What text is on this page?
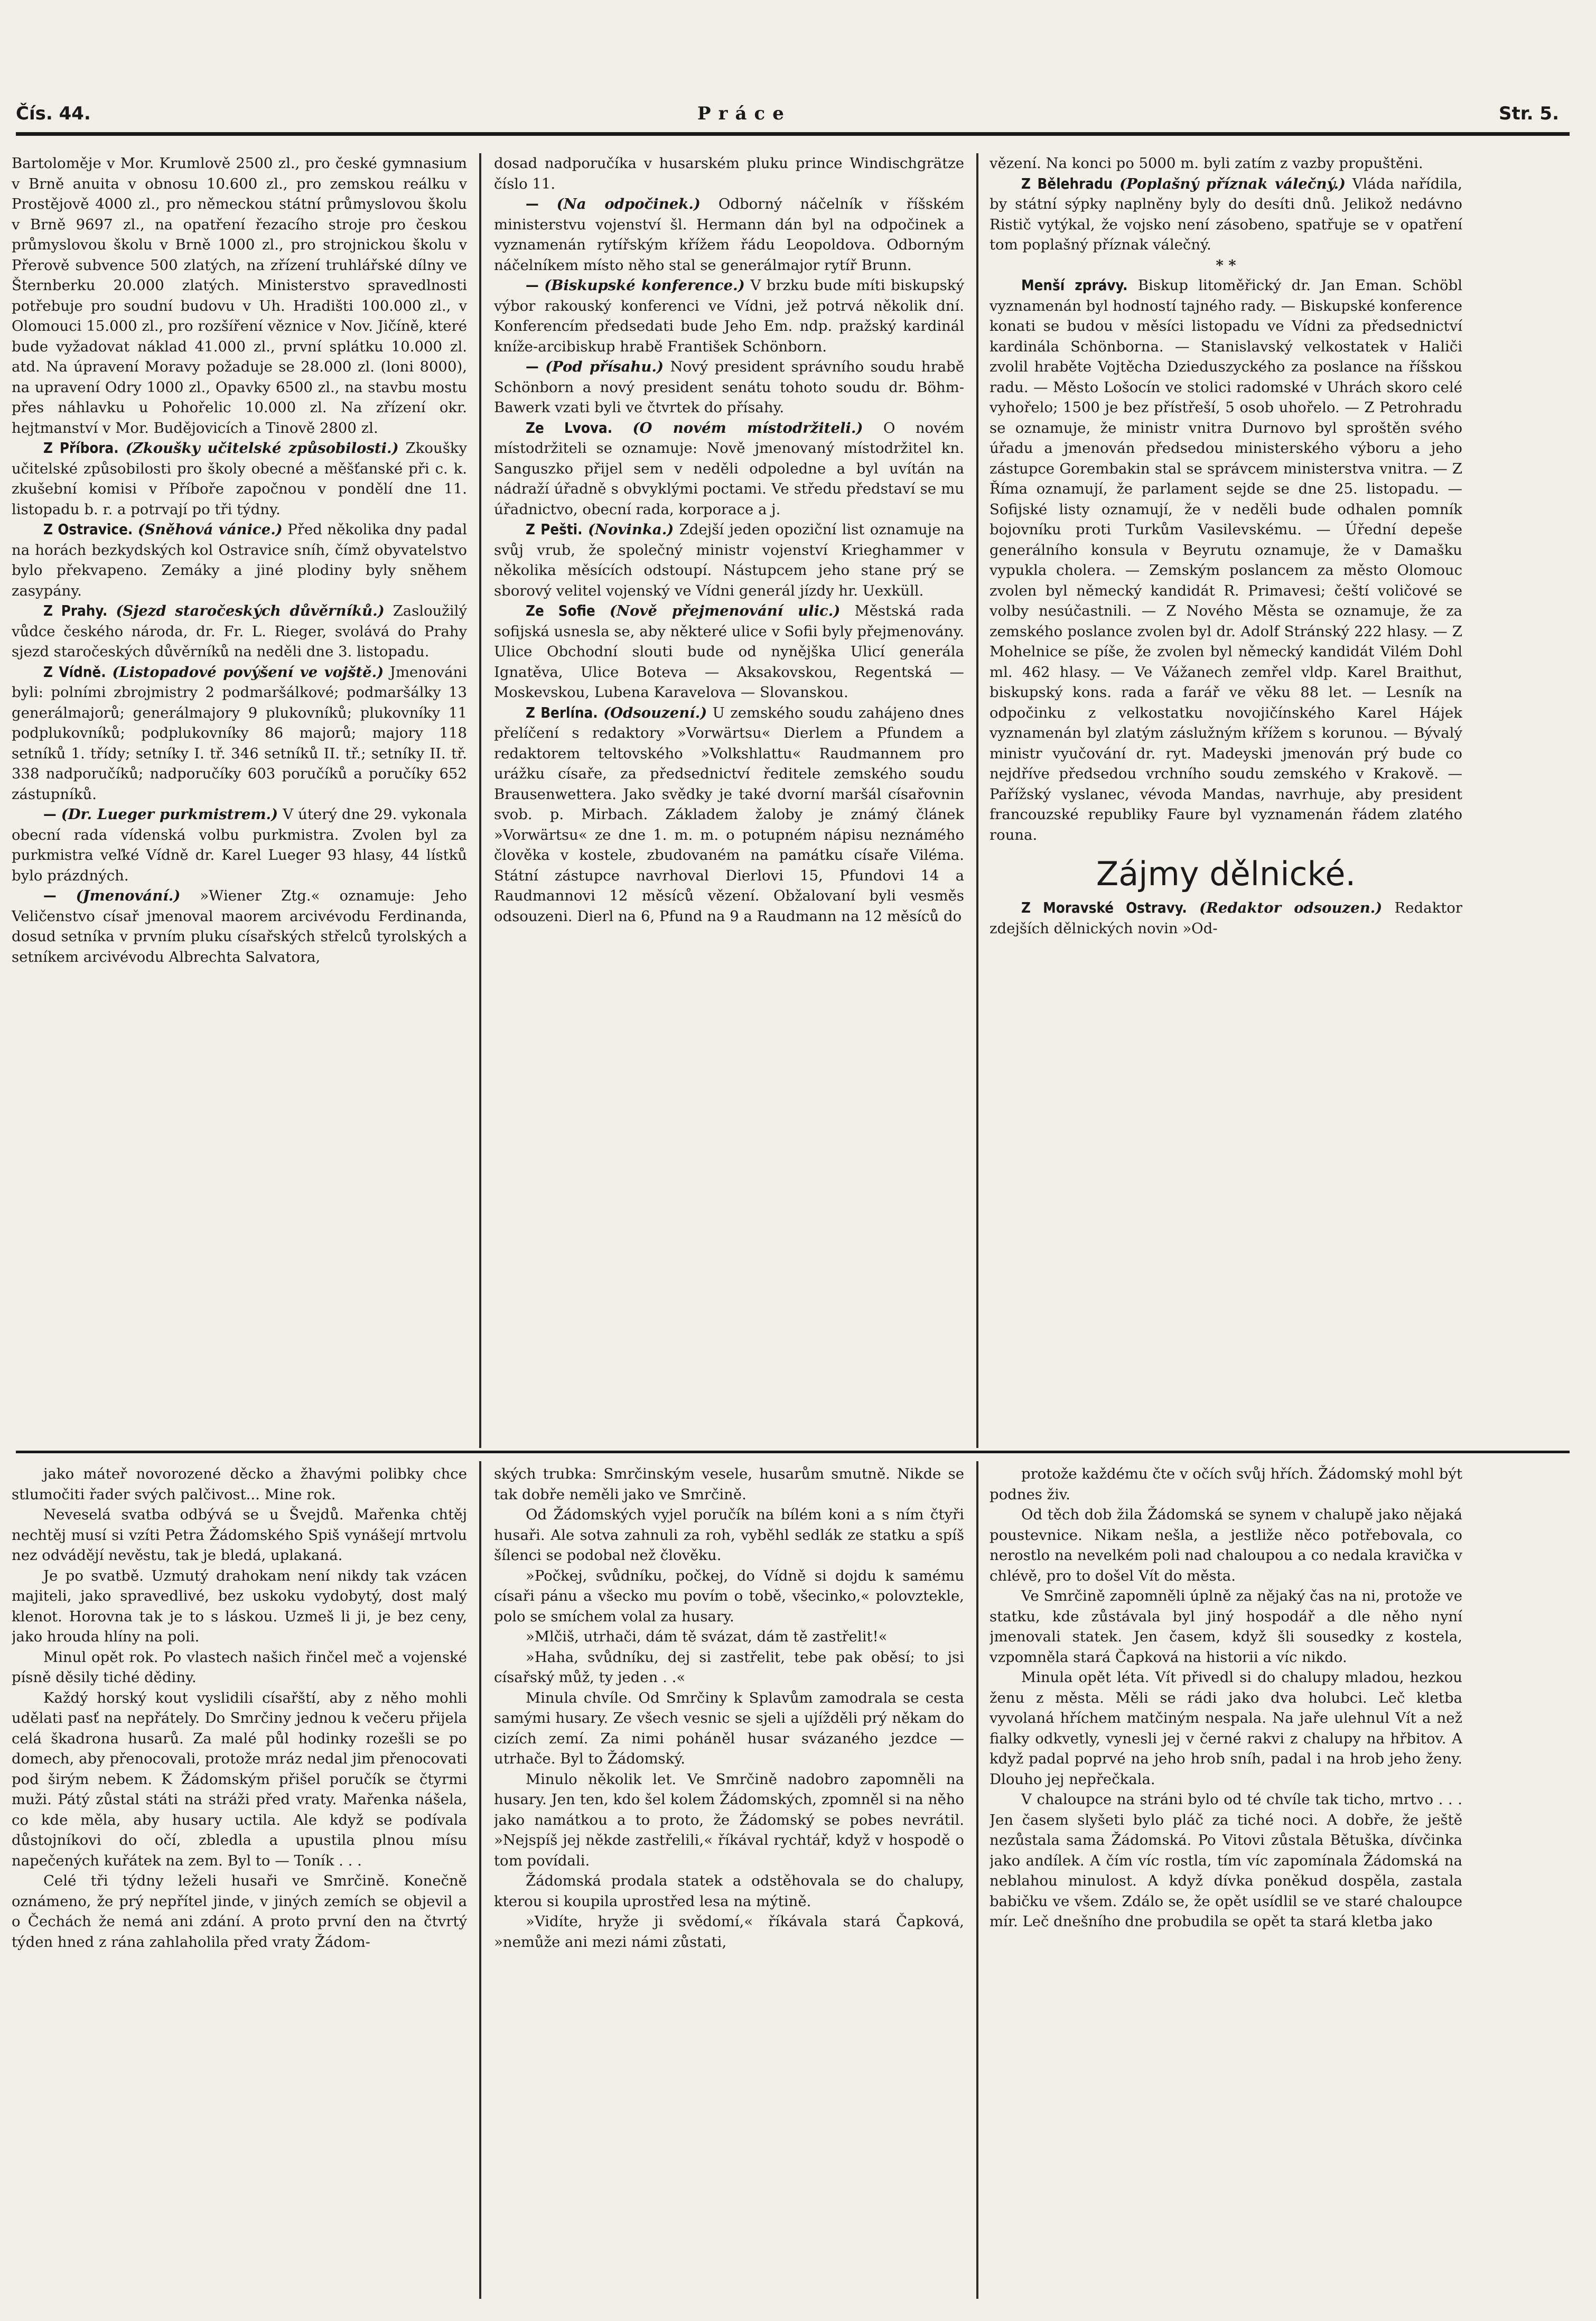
Čís. 44.	Práce	Str. 5.

Bartoloměje v Mor. Krumlově 2500 zl., pro české gymnasium v Brně anuita v obnosu 10.600 zl., pro zemskou reálku v Prostějově 4000 zl., pro německou státní průmyslovou školu v Brně 9697 zl., na opatření řezacího stroje pro českou průmyslovou školu v Brně 1000 zl., pro strojnickou školu v Přerově subvence 500 zlatých, na zřízení truhlářské dílny ve Šternberku 20.000 zlatých. Ministerstvo spravedlnosti potřebuje pro soudní budovu v Uh. Hradišti 100.000 zl., v Olomouci 15.000 zl., pro rozšíření věznice v Nov. Jičíně, které bude vyžadovat náklad 41.000 zl., první splátku 10.000 zl. atd. Na úpravení Moravy požaduje se 28.000 zl. (loni 8000), na upravení Odry 1000 zl., Opavky 6500 zl., na stavbu mostu přes náhlavku u Pohořelic 10.000 zl. Na zřízení okr. hejtmanství v Mor. Budějovicích a Tinově 2800 zl.

Z Příbora. (Zkoušky učitelské způsobilosti.) Zkoušky učitelské způsobilosti pro školy obecné a měšťanské při c. k. zkušební komisi v Příboře započnou v pondělí dne 11. listopadu b. r. a potrvají po tři týdny.

Z Ostravice. (Sněhová vánice.) Před několika dny padal na horách bezkydských kol Ostravice sníh, čímž obyvatelstvo bylo překvapeno. Zemáky a jiné plodiny byly sněhem zasypány.

Z Prahy. (Sjezd staročeských důvěrníků.) Zasloužilý vůdce českého národa, dr. Fr. L. Rieger, svolává do Prahy sjezd staročeských důvěrníků na neděli dne 3. listopadu.

Z Vídně. (Listopadové povýšení ve vojště.) Jmenováni byli: polními zbrojmistry 2 podmaršálkové; podmaršálky 13 generálmajorů; generálmajory 9 plukovníků; plukovníky 11 podplukovníků; podplukovníky 86 majorů; majory 118 setníků 1. třídy; setníky I. tř. 346 setníků II. tř.; setníky II. tř. 338 nadporučíků; nadporučíky 603 poručíků a poručíky 652 zástupníků.

— (Dr. Lueger purkmistrem.) V úterý dne 29. vykonala obecní rada vídenská volbu purkmistra. Zvolen byl za purkmistra veľké Vídně dr. Karel Lueger 93 hlasy, 44 lístků bylo prázdných.

— (Jmenování.) »Wiener Ztg.« oznamuje: Jeho Veličenstvo císař jmenoval maorem arcivévodu Ferdinanda, dosud setníka v prvním pluku císařských střelců tyrolských a setníkem arcivévodu Albrechta Salvatora,

dosad nadporučíka v husarském pluku prince Windischgrätze číslo 11.

— (Na odpočinek.) Odborný náčelník v říšském ministerstvu vojenství šl. Hermann dán byl na odpočinek a vyznamenán rytířským křížem řádu Leopoldova. Odborným náčelníkem místo něho stal se generálmajor rytíř Brunn.

— (Biskupské konference.) V brzku bude míti biskupský výbor rakouský konferenci ve Vídni, jež potrvá několik dní. Konferencím předsedati bude Jeho Em. ndp. pražský kardinál kníže-arcibiskup hrabě František Schönborn.

— (Pod přísahu.) Nový president správního soudu hrabě Schönborn a nový president senátu tohoto soudu dr. Böhm-Bawerk vzati byli ve čtvrtek do přísahy.

Ze Lvova. (O novém místodržiteli.) O novém místodržiteli se oznamuje: Nově jmenovaný místodržitel kn. Sanguszko přijel sem v neděli odpoledne a byl uvítán na nádraží úřadně s obvyklými poctami. Ve středu představí se mu úřadnictvo, obecní rada, korporace a j.

Z Pešti. (Novinka.) Zdejší jeden opoziční list oznamuje na svůj vrub, že společný ministr vojenství Krieghammer v několika měsících odstoupí. Nástupcem jeho stane prý se sborový velitel vojenský ve Vídni generál jízdy hr. Uexküll.

Ze Sofie (Nově přejmenování ulic.) Městská rada sofijská usnesla se, aby některé ulice v Sofii byly přejmenovány. Ulice Obchodní slouti bude od nynějška Ulicí generála Ignatěva, Ulice Boteva — Aksakovskou, Regentská — Moskevskou, Lubena Karavelova — Slovanskou.

Z Berlína. (Odsouzení.) U zemského soudu zahájeno dnes přelíčení s redaktory »Vorwärtsu« Dierlem a Pfundem a redaktorem teltovského »Volkshlattu« Raudmannem pro urážku císaře, za předsednictví ředitele zemského soudu Brausenwettera. Jako svědky je také dvorní maršál císařovnin svob. p. Mirbach. Základem žaloby je známý článek »Vorwärtsu« ze dne 1. m. m. o potupném nápisu neznámého člověka v kostele, zbudovaném na památku císaře Viléma. Státní zástupce navrhoval Dierlovi 15, Pfundovi 14 a Raudmannovi 12 měsíců vězení. Obžalovaní byli vesměs odsouzeni. Dierl na 6, Pfund na 9 a Raudmann na 12 měsíců do

vězení. Na konci po 5000 m. byli zatím z vazby propuštěni.

Z Bělehradu (Poplašný příznak válečný.) Vláda nařídila, by státní sýpky naplněny byly do desíti dnů. Jelikož nedávno Ristič vytýkal, že vojsko není zásobeno, spatřuje se v opatření tom poplašný příznak válečný.

* *

Menší zprávy. Biskup litoměřický dr. Jan Eman. Schöbl vyznamenán byl hodností tajného rady. — Biskupské konference konati se budou v měsíci listopadu ve Vídni za předsednictví kardinála Schönborna. — Stanislavský velkostatek v Haliči zvolil hraběte Vojtěcha Dzieduszyckého za poslance na říšskou radu. — Město Lošocín ve stolici radomské v Uhrách skoro celé vyhořelo; 1500 je bez přístřeší, 5 osob uhořelo. — Z Petrohradu se oznamuje, že ministr vnitra Durnovo byl sproštěn svého úřadu a jmenován předsedou ministerského výboru a jeho zástupce Gorembakin stal se správcem ministerstva vnitra. — Z Říma oznamují, že parlament sejde se dne 25. listopadu. — Sofijské listy oznamují, že v neděli bude odhalen pomník bojovníku proti Turkům Vasilevskému. — Úřední depeše generálního konsula v Beyrutu oznamuje, že v Damašku vypukla cholera. — Zemským poslancem za město Olomouc zvolen byl německý kandidát R. Primavesi; čeští voličové se volby nesúčastnili. — Z Nového Města se oznamuje, že za zemského poslance zvolen byl dr. Adolf Stránský 222 hlasy. — Z Mohelnice se píše, že zvolen byl německý kandidát Vilém Dohl ml. 462 hlasy. — Ve Vážanech zemřel vldp. Karel Braithut, biskupský kons. rada a farář ve věku 88 let. — Lesník na odpočinku z velkostatku novojičínského Karel Hájek vyznamenán byl zlatým záslužným křížem s korunou. — Bývalý ministr vyučování dr. ryt. Madeyski jmenován prý bude co nejdříve předsedou vrchního soudu zemského v Krakově. — Pařížský vyslanec, vévoda Mandas, navrhuje, aby president francouzské republiky Faure byl vyznamenán řádem zlatého rouna.

Zájmy dělnické.

Z Moravské Ostravy. (Redaktor odsouzen.) Redaktor zdejších dělnických novin »Od-

jako máteř novorozené děcko a žhavými polibky chce stlumočiti řader svých palčivost... Mine rok.

Neveselá svatba odbývá se u Švejdů. Mařenka chtěj nechtěj musí si vzíti Petra Žádomského Spiš vynášejí mrtvolu nez odvádějí nevěstu, tak je bledá, uplakaná.

Je po svatbě. Uzmutý drahokam není nikdy tak vzácen majiteli, jako spravedlivé, bez uskoku vydobytý, dost malý klenot. Horovna tak je to s láskou. Uzmeš li ji, je bez ceny, jako hrouda hlíny na poli.

Minul opět rok. Po vlastech našich řinčel meč a vojenské písně děsily tiché dědiny.

Každý horský kout vyslidili císařští, aby z něho mohli udělati pasť na nepřátely. Do Smrčiny jednou k večeru přijela celá škadrona husarů. Za malé půl hodinky rozešli se po domech, aby přenocovali, protože mráz nedal jim přenocovati pod širým nebem. K Žádomským přišel poručík se čtyrmi muži. Pátý zůstal státi na stráži před vraty. Mařenka nášela, co kde měla, aby husary uctila. Ale když se podívala důstojníkovi do očí, zbledla a upustila plnou mísu napečených kuřátek na zem. Byl to — Toník . . .

Celé tři týdny leželi husaři ve Smrčině. Konečně oznámeno, že prý nepřítel jinde, v jiných zemích se objevil a o Čechách že nemá ani zdání. A proto první den na čtvrtý týden hned z rána zahlaholila před vraty Žádom-

ských trubka: Smrčinským vesele, husarům smutně. Nikde se tak dobře neměli jako ve Smrčině.

Od Žádomských vyjel poručík na bílém koni a s ním čtyři husaři. Ale sotva zahnuli za roh, vyběhl sedlák ze statku a spíš šílenci se podobal než člověku.

»Počkej, svůdníku, počkej, do Vídně si dojdu k samému císaři pánu a všecko mu povím o tobě, všecinko,« polovztekle, polo se smíchem volal za husary.

»Mlčiš, utrhači, dám tě svázat, dám tě zastřelit!«

»Haha, svůdníku, dej si zastřelit, tebe pak oběsí; to jsi císařský můž, ty jeden . .«

Minula chvíle. Od Smrčiny k Splavům zamodrala se cesta samými husary. Ze všech vesnic se sjeli a ujížděli prý někam do cizích zemí. Za nimi poháněl husar svázaného jezdce — utrhače. Byl to Žádomský.

Minulo několik let. Ve Smrčině nadobro zapomněli na husary. Jen ten, kdo šel kolem Žádomských, zpomněl si na něho jako namátkou a to proto, že Žádomský se pobes nevrátil. »Nejspíš jej někde zastřelili,« říkával rychtář, když v hospodě o tom povídali.

Žádomská prodala statek a odstěhovala se do chalupy, kterou si koupila uprostřed lesa na mýtině.

»Vidíte, hryže ji svědomí,« říkávala stará Čapková, »nemůže ani mezi námi zůstati,

protože každému čte v očích svůj hřích. Žádomský mohl být podnes živ.

Od těch dob žila Žádomská se synem v chalupě jako nějaká poustevnice. Nikam nešla, a jestliže něco potřebovala, co nerostlo na nevelkém poli nad chaloupou a co nedala kravička v chlévě, pro to došel Vít do města.

Ve Smrčině zapomněli úplně za nějaký čas na ni, protože ve statku, kde zůstávala byl jiný hospodář a dle něho nyní jmenovali statek. Jen časem, když šli sousedky z kostela, vzpomněla stará Čapková na historii a víc nikdo.

Minula opět léta. Vít přivedl si do chalupy mladou, hezkou ženu z města. Měli se rádi jako dva holubci. Leč kletba vyvolaná hříchem matčiným nespala. Na jaře ulehnul Vít a než fialky odkvetly, vynesli jej v černé rakvi z chalupy na hřbitov. A když padal poprvé na jeho hrob sníh, padal i na hrob jeho ženy. Dlouho jej nepřečkala.

V chaloupce na stráni bylo od té chvíle tak ticho, mrtvo . . . Jen časem slyšeti bylo pláč za tiché noci. A dobře, že ještě nezůstala sama Žádomská. Po Vitovi zůstala Bětuška, dívčinka jako andílek. A čím víc rostla, tím víc zapomínala Žádomská na neblahou minulost. A když dívka poněkud dospěla, zastala babičku ve všem. Zdálo se, že opět usídlil se ve staré chaloupce mír. Leč dnešního dne probudila se opět ta stará kletba jako
